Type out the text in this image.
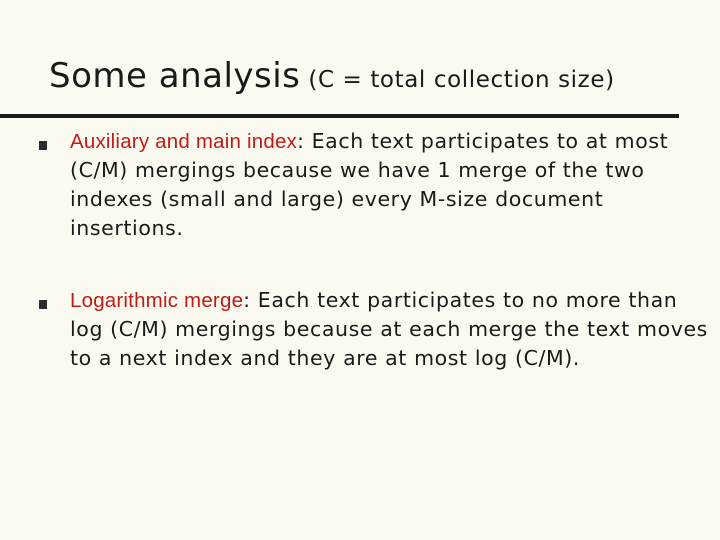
Some analysis (C = total collection size)
Auxiliary and main index: Each text participates to at most (C/M) mergings because we have 1 merge of the two indexes (small and large) every M-size document insertions.
Logarithmic merge: Each text participates to no more than log (C/M) mergings because at each merge the text moves to a next index and they are at most log (C/M).
